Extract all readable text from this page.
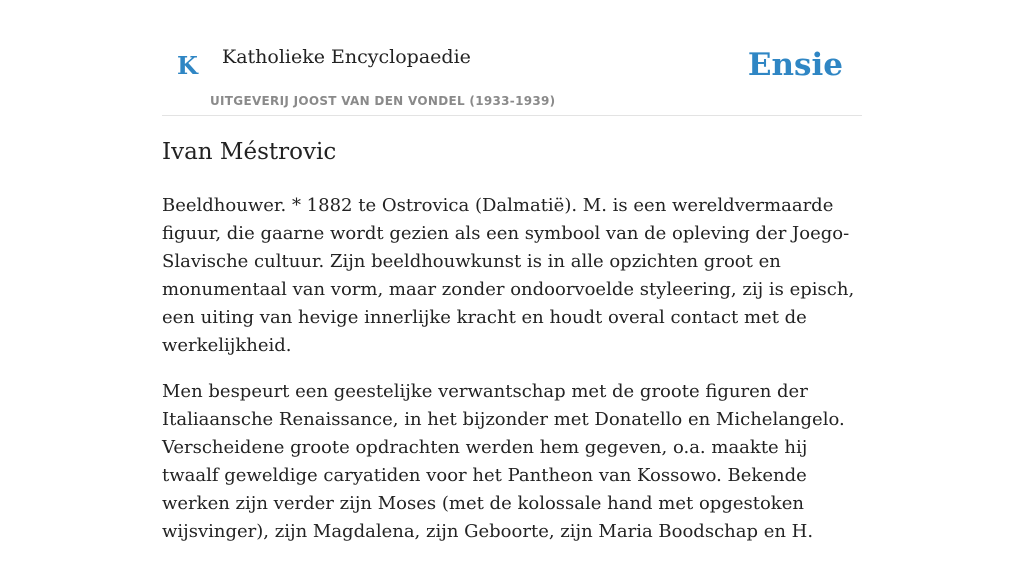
K Katholieke Encyclopaedie
UITGEVERIJ JOOST VAN DEN VONDEL (1933-1939)
Ensie
Ivan Méstrovic

Beeldhouwer. * 1882 te Ostrovica (Dalmatië). M. is een wereldvermaarde figuur, die gaarne wordt gezien als een symbool van de opleving der Joego-Slavische cultuur. Zijn beeldhouwkunst is in alle opzichten groot en monumentaal van vorm, maar zonder ondoorvoelde styleering, zij is episch, een uiting van hevige innerlijke kracht en houdt overal contact met de werkelijkheid.

Men bespeurt een geestelijke verwantschap met de groote figuren der Italiaansche Renaissance, in het bijzonder met Donatello en Michelangelo. Verscheidene groote opdrachten werden hem gegeven, o.a. maakte hij twaalf geweldige caryatiden voor het Pantheon van Kossowo. Bekende werken zijn verder zijn Moses (met de kolossale hand met opgestoken wijsvinger), zijn Magdalena, zijn Geboorte, zijn Maria Boodschap en H.
